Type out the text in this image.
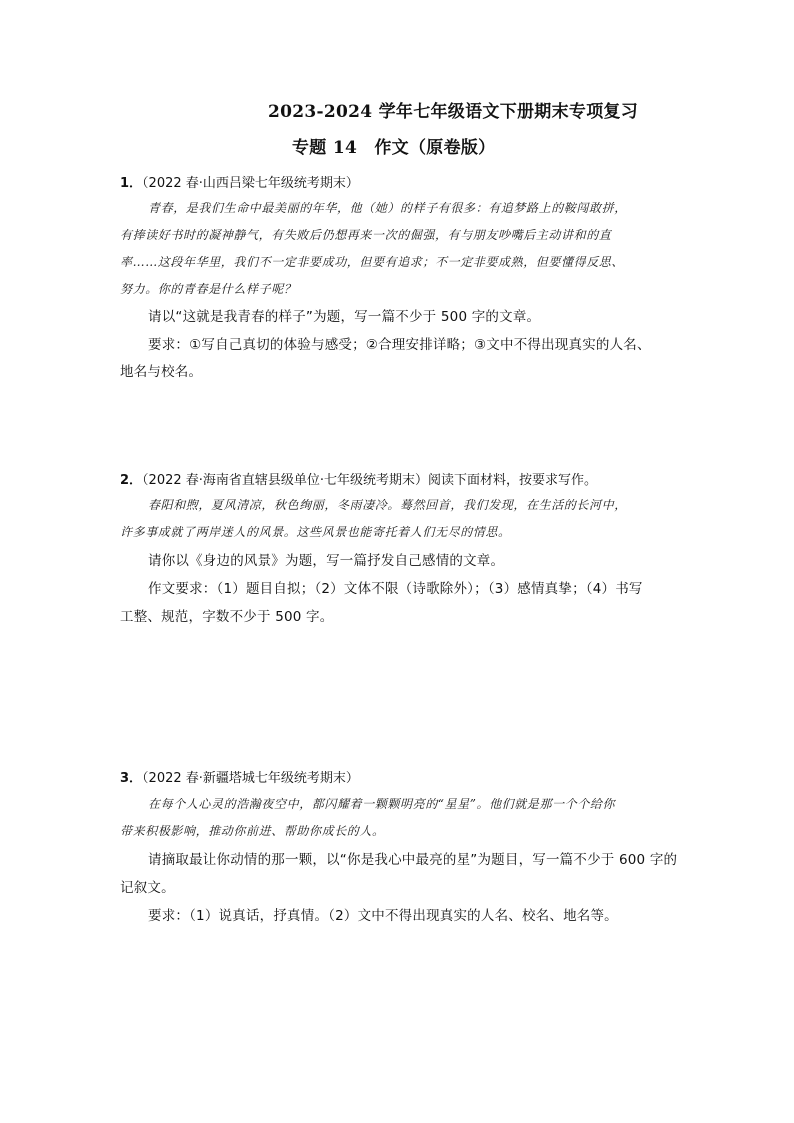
2023-2024 学年七年级语文下册期末专项复习
专题 14　作文（原卷版）
1．（2022 春·山西吕梁七年级统考期末）
青春，是我们生命中最美丽的年华，他（她）的样子有很多：有追梦路上的鞍闯敢拼，
有捧读好书时的凝神静气，有失败后仍想再来一次的倔强，有与朋友吵嘴后主动讲和的直
率……这段年华里，我们不一定非要成功，但要有追求；不一定非要成熟，但要懂得反思、
努力。你的青春是什么样子呢？
请以“这就是我青春的样子”为题，写一篇不少于 500 字的文章。
要求：①写自己真切的体验与感受；②合理安排详略；③文中不得出现真实的人名、
地名与校名。
2．（2022 春·海南省直辖县级单位·七年级统考期末）阅读下面材料，按要求写作。
春阳和煦，夏风清凉，秋色绚丽，冬雨凄冷。蓦然回首，我们发现，在生活的长河中，
许多事成就了两岸迷人的风景。这些风景也能寄托着人们无尽的情思。
请你以《身边的风景》为题，写一篇抒发自己感情的文章。
作文要求：（1）题目自拟；（2）文体不限（诗歌除外）；（3）感情真挚；（4）书写
工整、规范，字数不少于 500 字。
3．（2022 春·新疆塔城七年级统考期末）
在每个人心灵的浩瀚夜空中，都闪耀着一颗颗明亮的“星星”。他们就是那一个个给你
带来积极影响，推动你前进、帮助你成长的人。
请摘取最让你动情的那一颗，以“你是我心中最亮的星”为题目，写一篇不少于 600 字的
记叙文。
要求：（1）说真话，抒真情。（2）文中不得出现真实的人名、校名、地名等。
